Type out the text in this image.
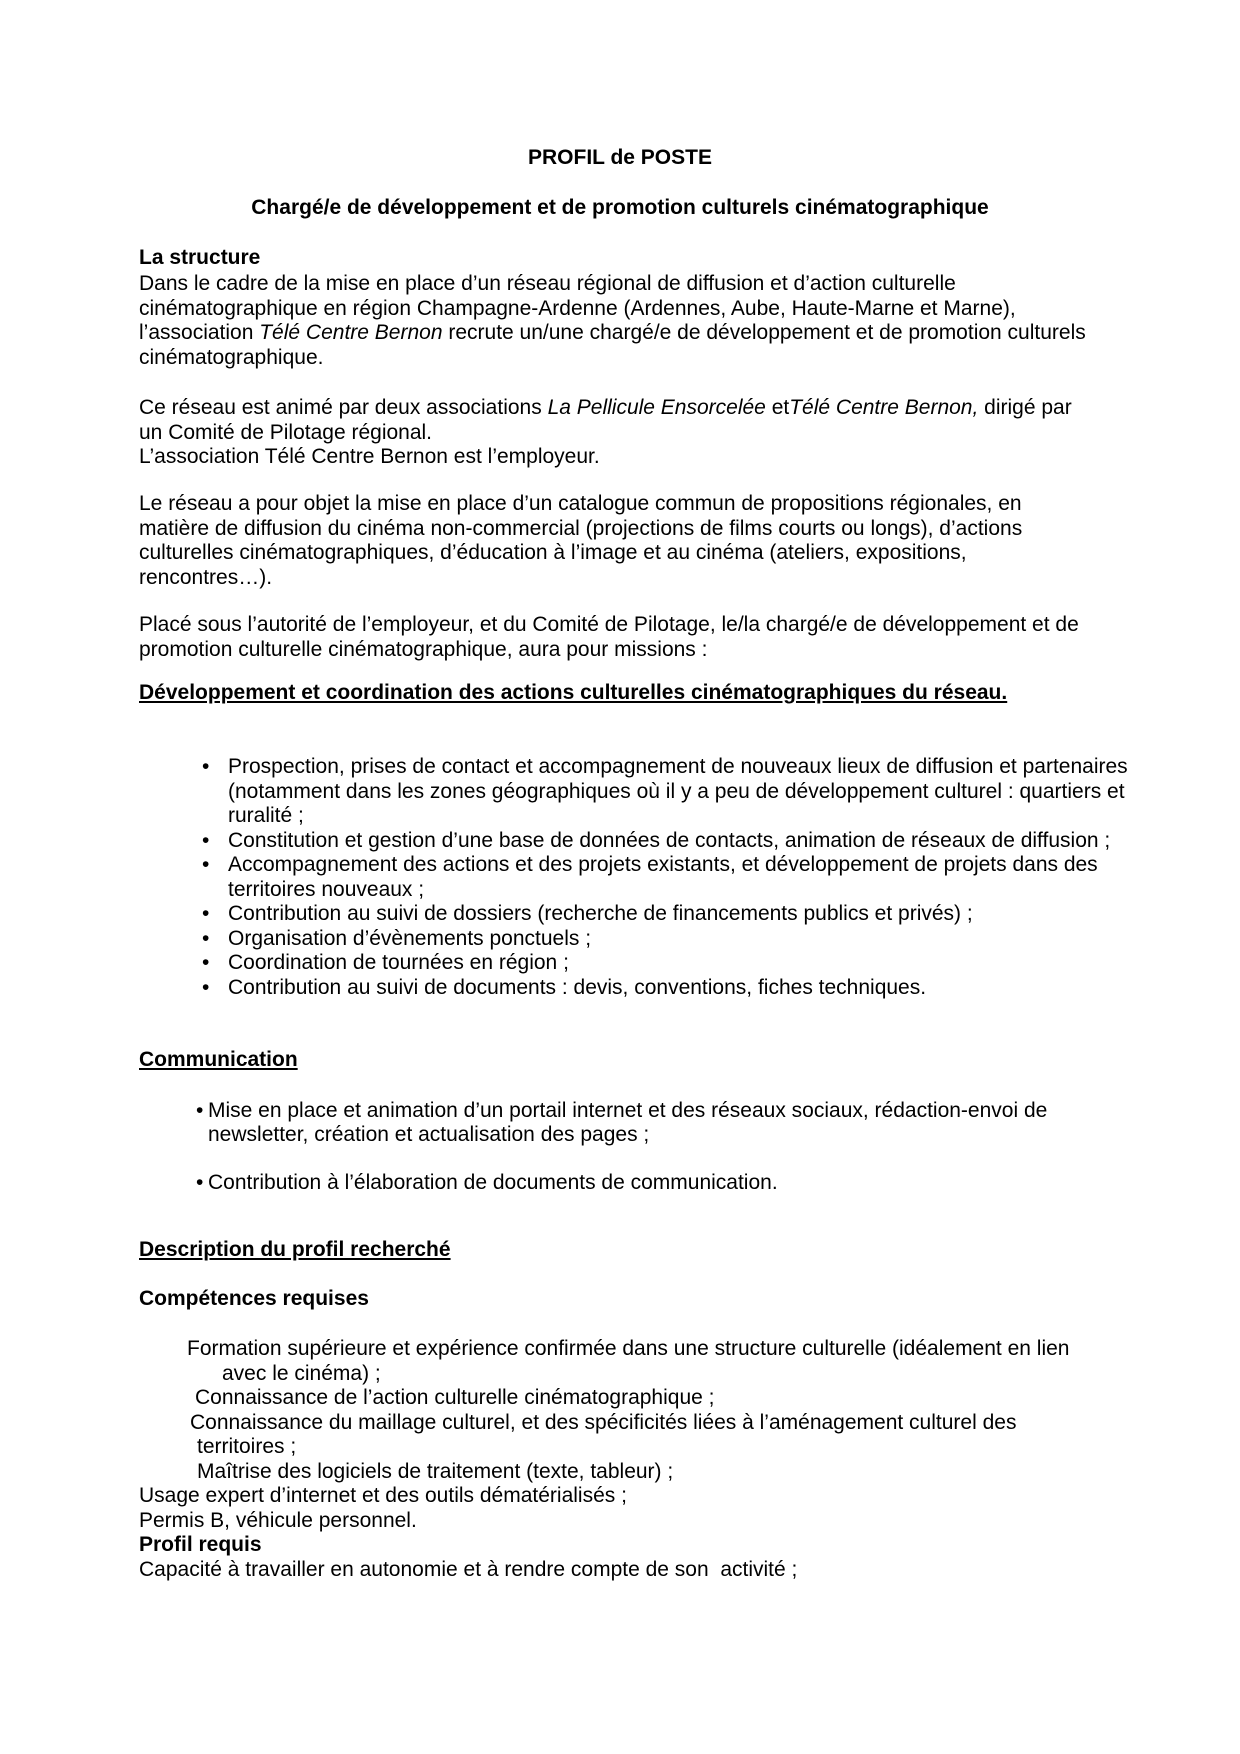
PROFIL de POSTE
Chargé/e de développement et de promotion culturels cinématographique
La structure

Dans le cadre de la mise en place d’un réseau régional de diffusion et d’action culturelle
cinématographique en région Champagne-Ardenne (Ardennes, Aube, Haute-Marne et Marne),
l’association Télé Centre Bernon recrute un/une chargé/e de développement et de promotion culturels
cinématographique.

Ce réseau est animé par deux associations La Pellicule Ensorcelée etTélé Centre Bernon, dirigé par
un Comité de Pilotage régional.
L’association Télé Centre Bernon est l’employeur.

Le réseau a pour objet la mise en place d’un catalogue commun de propositions régionales, en
matière de diffusion du cinéma non-commercial (projections de films courts ou longs), d’actions
culturelles cinématographiques, d’éducation à l’image et au cinéma (ateliers, expositions,
rencontres…).

Placé sous l’autorité de l’employeur, et du Comité de Pilotage, le/la chargé/e de développement et de
promotion culturelle cinématographique, aura pour missions :

Développement et coordination des actions culturelles cinématographiques du réseau.
• Prospection, prises de contact et accompagnement de nouveaux lieux de diffusion et partenaires (notamment dans les zones géographiques où il y a peu de développement culturel : quartiers et ruralité ;
• Constitution et gestion d’une base de données de contacts, animation de réseaux de diffusion ;
• Accompagnement des actions et des projets existants, et développement de projets dans des territoires nouveaux ;
• Contribution au suivi de dossiers (recherche de financements publics et privés) ;
• Organisation d’évènements ponctuels ;
• Coordination de tournées en région ;
• Contribution au suivi de documents : devis, conventions, fiches techniques.
Communication
• Mise en place et animation d’un portail internet et des réseaux sociaux, rédaction-envoi de newsletter, création et actualisation des pages ;
• Contribution à l’élaboration de documents de communication.
Description du profil recherché
Compétences requises
Formation supérieure et expérience confirmée dans une structure culturelle (idéalement en lien
avec le cinéma) ;
Connaissance de l’action culturelle cinématographique ;
Connaissance du maillage culturel, et des spécificités liées à l’aménagement culturel des
territoires ;
Maîtrise des logiciels de traitement (texte, tableur) ;
Usage expert d’internet et des outils dématérialisés ;
Permis B, véhicule personnel.
Profil requis
Capacité à travailler en autonomie et à rendre compte de son  activité ;
